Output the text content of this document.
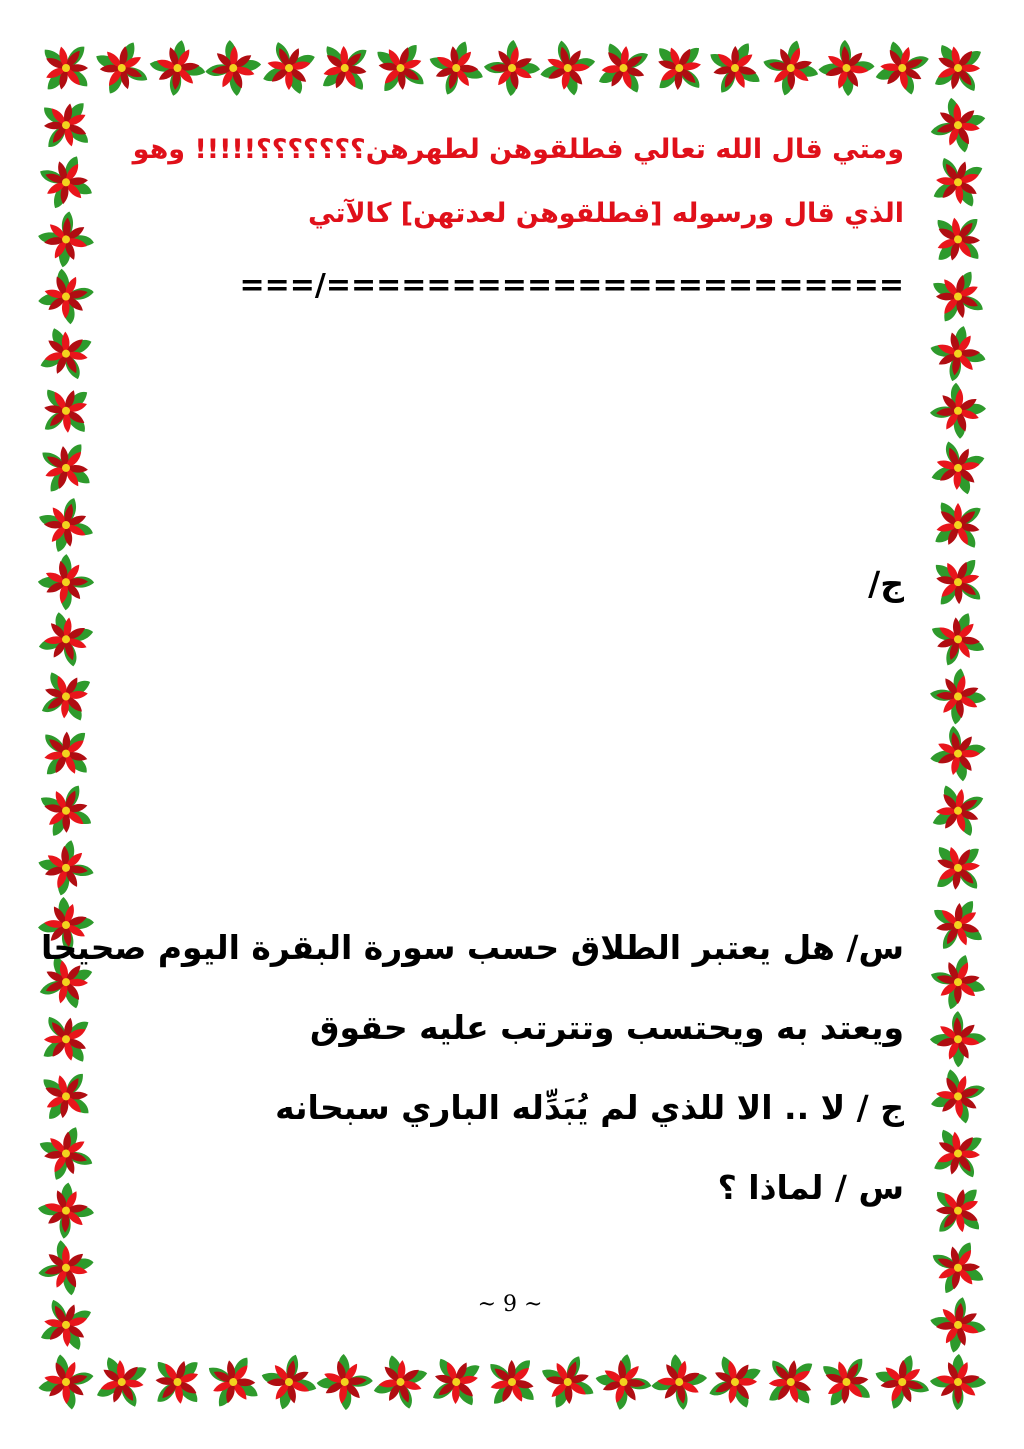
ومتي قال الله تعالي فطلقوهن لطهرهن؟؟؟؟؟؟؟!!!!! وهو
الذي قال ورسوله [فطلقوهن لعدتهن] كالآتي
===/=======================
ج/
س/ هل يعتبر الطلاق حسب سورة البقرة اليوم صحيحا
ويعتد به ويحتسب وتترتب عليه حقوق
ج / لا .. الا للذي لم يُبَدِّله الباري سبحانه
س / لماذا ؟
~ 9 ~
